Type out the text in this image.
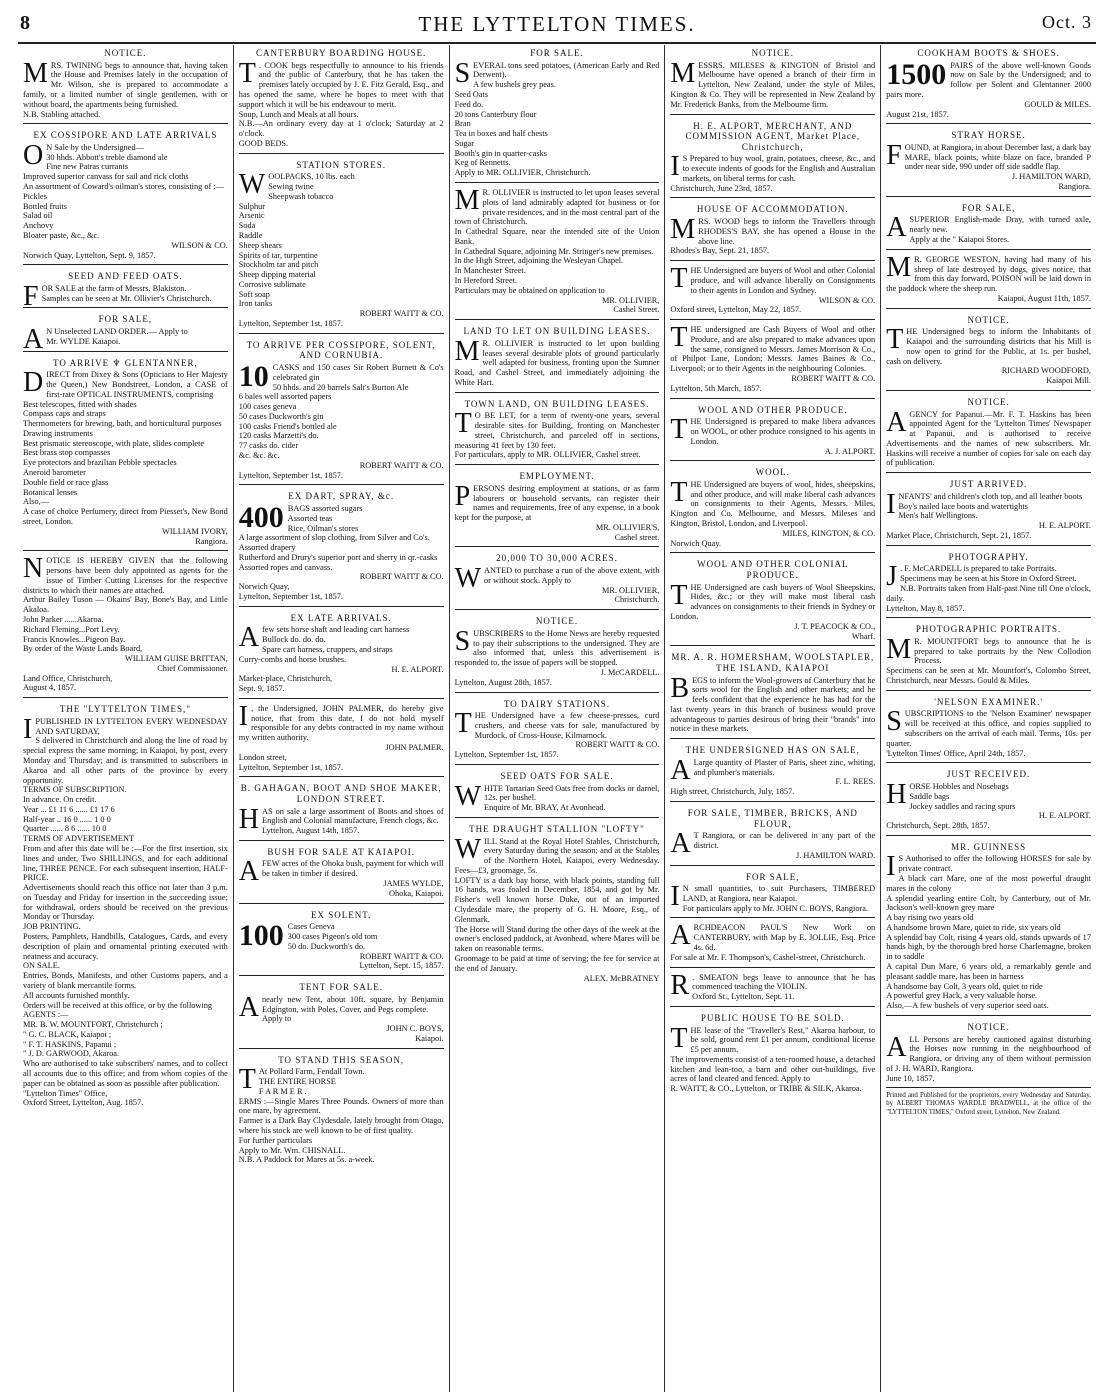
8	THE LYTTELTON TIMES.	Oct. 3
NOTICE.
MRS. TWINING begs to announce that, having taken the House and Premises lately in the occupation of Mr. Wilson, she is prepared to accommodate a family, or a limited number of single gentlemen, with or without board, the apartments being furnished.
N.B. Stabling attached.
EX COSSIPORE AND LATE ARRIVALS
O N Sale by the Undersigned—
30 hhds. Abbott's treble diamond ale
Fine new Patras currants
Improved superior canvass for sail and rick cloths
An assortment of Coward's oilman's stores, consisting of :—
Pickles
Bottled fruits
Salad oil
Anchovy
Bloater paste, &c., &c.
WILSON & CO.
Norwich Quay, Lyttelton, Sept. 9, 1857.
SEED AND FEED OATS.
FOR SALE at the farm of Messrs. Blakiston.
Samples can be seen at Mr. Ollivier's Christchurch.
FOR SALE,
A N Unselected LAND ORDER.— Apply to
Mr. WYLDE Kaiapoi.
TO ARRIVE ♆ GLENTANNER,
DIRECT from Dixey & Sons (Opticians to Her Majesty the Queen,) New Bondstreet, London, a CASE of first-rate OPTICAL INSTRUMENTS, comprising
Best telescopes, fitted with shades
Compass caps and straps
Thermometers for brewing, bath, and horticultural purposes
Drawing instruments
Best prismatic stereoscope, with plate, slides complete
Best brass stop compasses
Eye protectors and brazilian Pebble spectacles
Aneroid barometer
Double field or race glass
Botanical lenses
Also,—
A case of choice Perfumery, direct from Piesset's, New Bond street, London.
WILLIAM IVORY,
Rangiora.
NOTICE IS HEREBY GIVEN that the following persons have been duly appointed as agents for the issue of Timber Cutting Licenses for the respective districts to which their names are attached.
Arthur Bailey Tuson — Okains' Bay, Bone's Bay, and Little Akaloa.
John Parker ......Akaroa.
Richard Fleming...Port Levy.
Francis Knowles...Pigeon Bay.
By order of the Waste Lands Board,
WILLIAM GUISE BRITTAN,
Chief Commissioner.
Land Office, Christchurch,
August 4, 1857.
THE "LYTTELTON TIMES,"
IPUBLISHED IN LYTTELTON EVERY WEDNESDAY AND SATURDAY,
S delivered in Christchurch and along the line of road by special express the same morning; in Kaiapoi, by post, every Monday and Thursday; and is transmitted to subscribers in Akaroa and all other parts of the province by every opportunity.
TERMS OF SUBSCRIPTION.
In advance. On credit.
Year ... £1 11 6 ...... £1 17 6
Half-year .. 16 0 ...... 1 0 0
Quarter ...... 8 6 ...... 10 0
TERMS OF ADVERTISEMENT
From and after this date will be :—For the first insertion, six lines and under, Two SHILLINGS, and for each additional line, THREE PENCE. For each subsequent insertion, HALF-PRICE.
Advertisements should reach this office not later than 3 p.m. on Tuesday and Friday for insertion in the succeeding issue; for withdrawal, orders should be received on the previous Monday or Thursday.
JOB PRINTING.
Posters, Pamphlets, Handbills, Catalogues, Cards, and every description of plain and ornamental printing executed with neatness and accuracy.
ON SALE.
Entries, Bonds, Manifests, and other Customs papers, and a variety of blank mercantile forms.
All accounts furnished monthly.
Orders will be received at this office, or by the following
AGENTS :—
MR. B. W. MOUNTFORT, Christchurch ;
" G. C. BLACK, Kaiapoi ;
" F. T. HASKINS, Papanui ;
" J. D. GARWOOD, Akaroa.
Who are authorised to take subscribers' names, and to collect all accounts due to this office; and from whom copies of the paper can be obtained as soon as possible after publication.
"Lyttelton Times" Office,
Oxford Street, Lyttelton, Aug. 1857.
CANTERBURY BOARDING HOUSE.
T . COOK begs respectfully to announce to his friends and the public of Canterbury, that he has taken the premises lately occupied by J. E. Fitz Gerald, Esq., and has opened the same, where he hopes to meet with that support which it will be his endeavour to merit.
Soup, Lunch and Meals at all hours.
N.B.—An ordinary every day at 1 o'clock; Saturday at 2 o'clock.
GOOD BEDS.
STATION STORES.
WOOLPACKS, 10 lbs. each
Sewing twine
Sheepwash tobacco
Sulphur
Arsenic
Soda
Raddle
Sheep shears
Spirits of tar, turpentine
Stockholm tar and pitch
Sheep dipping material
Corrosive sublimate
Soft soap
Iron tanks
ROBERT WAITT & CO.
Lyttelton, September 1st, 1857.
TO ARRIVE PER COSSIPORE, SOLENT, AND CORNUBIA.
10 CASKS and 150 cases Sir Robert Burnett & Co's celebrated gin
50 hhds. and 20 barrels Salt's Burton Ale
6 bales well assorted papers
100 cases geneva
50 cases Duckworth's gin
100 casks Friend's bottled ale
120 casks Marzetti's do.
77 casks do. cider
&c. &c. &c.
ROBERT WAITT & CO.
Lyttelton, September 1st, 1857.
EX DART, SPRAY, &c.
400 BAGS assorted sugars
Assorted teas
Rice, Oilman's stores
A large assortment of slop clothing, from Silver and Co's.
Assorted drapery
Rutherford and Drury's superior port and sherry in qr.-casks
Assorted ropes and canvass.
ROBERT WAITT & CO.
Norwich Quay,
Lyttelton, September 1st, 1857.
EX LATE ARRIVALS.
A few sets horse shaft and leading cart harness
Bullock do. do. do.
Spare cart harness, cruppers, and straps
Curry-combs and horse brushes.
H. E. ALPORT.
Market-place, Christchurch,
Sept. 9, 1857.
I , the Undersigned, JOHN PALMER, do hereby give notice, that from this date, I do not hold myself responsible for any debts contracted in my name without my written authority.
JOHN PALMER.
London street,
Lyttelton, September 1st, 1857.
B. GAHAGAN, BOOT AND SHOE MAKER, LONDON STREET.
HAS on sale a large assortment of Boots and shoes of English and Colonial manufacture, French clogs, &c.
Lyttelton, August 14th, 1857.
BUSH FOR SALE AT KAIAPOI.
A FEW acres of the Ohoka bush, payment for which will be taken in timber if desired.
JAMES WYLDE,
Ohoka, Kaiapoi.
EX SOLENT.
100 Cases Geneva
300 cases Pigeon's old tom
50 do. Duckworth's do.
ROBERT WAITT & CO.
Lyttelton, Sept. 15, 1857.
TENT FOR SALE.
A nearly new Tent, about 10ft. square, by Benjamin Edgington, with Poles, Cover, and Pegs complete.
Apply to
JOHN C. BOYS,
Kaiapoi.
TO STAND THIS SEASON,
T At Pollard Farm, Fendall Town.
THE ENTIRE HORSE
F A R M E R .
ERMS :—Single Mares Three Pounds. Owners of more than one mare, by agreement.
Farmer is a Dark Bay Clydesdale, lately brought from Otago, where his stock are well known to be of first quality.
For further particulars
Apply to Mr. Wm. CHISNALL.
N.B. A Paddock for Mares at 5s. a-week.
FOR SALE.
SEVERAL tons seed potatoes, (American Early and Red Derwent).
A few bushels grey peas.
Seed Oats
Feed do.
20 tons Canterbury flour
Bran
Tea in boxes and half chests
Sugar
Booth's gin in quarter-casks
Keg of Rennetts.
Apply to MR. OLLIVIER, Christchurch.
M R. OLLIVIER is instructed to let upon leases several plots of land admirably adapted for business or for private residences, and in the most central part of the town of Christchurch.
In Cathedral Square, near the intended site of the Union Bank.
In Cathedral Square, adjoining Mr. Stringer's new premises.
In the High Street, adjoining the Wesleyan Chapel.
In Manchester Street.
In Hereford Street.
Particulars may be obtained on application to
MR. OLLIVIER,
Cashel Street.
LAND TO LET ON BUILDING LEASES.
M R. OLLIVIER is instructed to let upon building leases several desirable plots of ground particularly well adapted for business, fronting upon the Sumner Road, and Cashel Street, and immediately adjoining the White Hart.
TOWN LAND, ON BUILDING LEASES.
T O BE LET, for a term of twenty-one years, several desirable sites for Building, fronting on Manchester street, Christchurch, and parceled off in sections, measuring 41 feet by 130 feet.
For particulars, apply to MR. OLLIVIER, Cashel street.
EMPLOYMENT.
PERSONS desiring employment at stations, or as farm labourers or household servants, can register their names and requirements, free of any expense, in a book kept for the purpose, at
MR. OLLIVIER'S,
Cashel street.
20,000 TO 30,000 ACRES.
WANTED to purchase a run of the above extent, with or without stock. Apply to
MR. OLLIVIER,
Christchurch.
NOTICE.
SUBSCRIBERS to the Home News are hereby requested to pay their subscriptions to the undersigned. They are also informed that, unless this advertisement is responded to, the issue of papers will be stopped.
J. McCARDELL.
Lyttelton, August 28th, 1857.
TO DAIRY STATIONS.
THE Undersigned have a few cheese-presses, curd crushers, and cheese vats for sale, manufactured by Murdock, of Cross-House, Kilmarnock.
ROBERT WAITT & CO.
Lyttelton, September 1st, 1857.
SEED OATS FOR SALE.
WHITE Tartarian Seed Oats free from docks or darnel, 12s. per bushel.
Enquire of Mr. BRAY, At Avonhead.
THE DRAUGHT STALLION "LOFTY"
WILL Stand at the Royal Hotel Stables, Christchurch, every Saturday during the season; and at the Stables of the Northern Hotel, Kaiapoi, every Wednesday. Fees—£3, groomage, 5s.
LOFTY is a dark bay horse, with black points, standing full 16 hands, was foaled in December, 1854, and got by Mr. Fisher's well known horse Duke, out of an imported Clydesdale mare, the property of G. H. Moore, Esq., of Glenmark.
The Horse will Stand during the other days of the week at the owner's enclosed paddock, at Avonhead, where Mares will be taken on reasonable terms.
Groomage to be paid at time of serving; the fee for service at the end of January.
ALEX. McBRATNEY
NOTICE.
MESSRS. MILESES & KINGTON of Bristol and Melbourne have opened a branch of their firm in Lyttelton, New Zealand, under the style of Miles, Kington & Co. They will be represented in New Zealand by Mr. Frederick Banks, from the Melbourne firm.
H. E. ALPORT, MERCHANT, AND COMMISSION AGENT, Market Place, Christchurch,
I S Prepared to buy wool, grain, potatoes, cheese, &c., and to execute indents of goods for the English and Australian markets, on liberal terms for cash.
Christchurch, June 23rd, 1857.
HOUSE OF ACCOMMODATION.
MRS. WOOD begs to inform the Travellers through RHODES'S BAY, she has opened a House in the above line.
Rhodes's Bay, Sept. 21, 1857.
THE Undersigned are buyers of Wool and other Colonial produce, and will advance liberally on Consignments to their agents in London and Sydney.
WILSON & CO.
Oxford street, Lyttelton, May 22, 1857.
THE undersigned are Cash Buyers of Wool and other Produce, and are also prepared to make advances upon the same, consigned to Messrs. James Morrison & Co., of Philpot Lane, London; Messrs. James Baines & Co., Liverpool; or to their Agents in the neighbouring Colonies.
ROBERT WAITT & CO.
Lyttelton, 5th March, 1857.
WOOL AND OTHER PRODUCE.
THE Undersigned is prepared to make libera advances on WOOL, or other produce consigned to his agents in London.
A. J. ALPORT.
WOOL.
THE Undersigned are buyers of wool, hides, sheepskins, and other produce, and will make liberal cash advances on consignments to their Agents, Messrs. Miles, Kington and Co. Melbourne, and Messrs. Mileses and Kington, Bristol, London, and Liverpool.
MILES, KINGTON, & CO.
Norwich Quay.
WOOL AND OTHER COLONIAL PRODUCE.
THE Undersigned are cash buyers of Wool Sheepskins, Hides, &c.; or they will make most liberal cash advances on consignments to their friends in Sydney or London.
J. T. PEACOCK & CO.,
Wharf.
MR. A. R. HOMERSHAM, WOOLSTAPLER, THE ISLAND, KAIAPOI
BEGS to inform the Wool-growers of Canterbury that he sorts wool for the English and other markets; and he feels confident that the experience he has had for the last twenty years in this branch of business would prove advantageous to parties desirous of bring their "brands" into notice in these markets.
THE UNDERSIGNED HAS ON SALE,
A Large quantity of Plaster of Paris, sheet zinc, whiting, and plumber's materials.
F. L. REES.
High street, Christchurch, July, 1857.
FOR SALE, TIMBER, BRICKS, AND FLOUR,
A T Rangiora, or can be delivered in any part of the district.
J. HAMILTON WARD.
FOR SALE,
I N small quantities, to suit Purchasers, TIMBERED LAND, at Rangiora, near Kaiapoi.
For particulars apply to Mr. JOHN C. BOYS, Rangiora.
ARCHDEACON PAUL'S New Work on CANTERBURY, with Map by E. JOLLIE, Esq. Price 4s. 6d.
For sale at Mr. F. Thompson's, Cashel-street, Christchurch.
R . SMEATON begs leave to announce that he has commenced teaching the VIOLIN.
Oxford St., Lyttelton, Sept. 11.
PUBLIC HOUSE TO BE SOLD.
THE lease of the "Traveller's Rest," Akaroa harbour, to be sold, ground rent £1 per annum, conditional license £5 per annum.
The improvements consist of a ten-roomed house, a detached kitchen and lean-too, a barn and other out-buildings, five acres of land cleared and fenced. Apply to
R. WAITT, & CO., Lyttelton, or TRIBE & SILK, Akaroa.
COOKHAM BOOTS & SHOES.
1500 PAIRS of the above well-known Goods now on Sale by the Undersigned; and to follow per Solent and Glentanner 2000 pairs more.
GOULD & MILES.
August 21st, 1857.
STRAY HORSE.
FOUND, at Rangiora, in about December last, a dark bay MARE, black points, white blaze on face, branded P under near side, 990 under off side saddle flap.
J. HAMILTON WARD,
Rangiora.
FOR SALE,
A SUPERIOR English-made Dray, with turned axle, nearly new.
Apply at the " Kaiapoi Stores.
M R. GEORGE WESTON, having had many of his sheep of late destroyed by dogs, gives notice, that from this day forward, POISON will be laid down in the paddock where the sheep run.
Kaiapoi, August 11th, 1857.
NOTICE.
THE Undersigned begs to inform the Inhabitants of Kaiapoi and the surrounding districts that his Mill is now open to grind for the Public, at 1s. per bushel, cash on delivery.
RICHARD WOODFORD,
Kaiapoi Mill.
NOTICE.
AGENCY for Papanui.—Mr. F. T. Haskins has been appointed Agent for the 'Lyttelton Times' Newspaper at Papanui, and is authorised to receive Advertisements and the names of new subscribers. Mr. Haskins will receive a number of copies for sale on each day of publication.
JUST ARRIVED.
INFANTS' and children's cloth top, and all leather boots
Boy's nailed lace boots and watertights
Men's half Wellingtons.
H. E. ALPORT.
Market Place, Christchurch, Sept. 21, 1857.
PHOTOGRAPHY.
J . F. McCARDELL is prepared to take Portraits.
Specimens may be seen at his Store in Oxford Street.
N.B. Portraits taken from Half-past Nine till One o'clock, daily.
Lyttelton, May 8, 1857.
PHOTOGRAPHIC PORTRAITS.
M R. MOUNTFORT begs to announce that he is prepared to take portraits by the New Collodion Process.
Specimens can be seen at Mr. Mountfort's, Colombo Street, Christchurch, near Messrs. Gould & Miles.
'NELSON EXAMINER.'
SUBSCRIPTIONS to the 'Nelson Examiner' newspaper will be received at this office, and copies supplied to subscribers on the arrival of each mail. Terms, 10s. per quarter.
'Lyttelton Times' Office, April 24th, 1857.
JUST RECEIVED.
HORSE Hobbles and Nosebags
Saddle bags
Jockey saddles and racing spurs
H. E. ALPORT.
Christchurch, Sept. 28th, 1857.
MR. GUINNESS
I S Authorised to offer the following HORSES for sale by private contract.
A black cart Mare, one of the most powerful draught mares in the colony
A splendid yearling entire Colt, by Canterbury, out of Mr. Jackson's well-known grey mare
A bay rising two years old
A handsome brown Mare, quiet to ride, six years old
A splendid bay Colt, rising 4 years old, stands upwards of 17 hands high, by the thorough bred horse Charlemagne, broken in to saddle
A capital Dun Mare, 6 years old, a remarkably gentle and pleasant saddle mare, has been in harness
A handsome bay Colt, 3 years old, quiet to ride
A powerful grey Hack, a very valuable horse.
Also,—A few bushels of very superior seed oats.
NOTICE.
ALL Persons are hereby cautioned against disturbing the Horses now running in the neighbourhood of Rangiora, or driving any of them without permission of J. H. WARD, Rangiora.
June 10, 1857.
Printed and Published for the proprietors, every Wednesday and Saturday, by ALBERT THOMAS WARDLE BRADWELL, at the office of the "LYTTELTON TIMES," Oxford street, Lyttelton, New Zealand.
